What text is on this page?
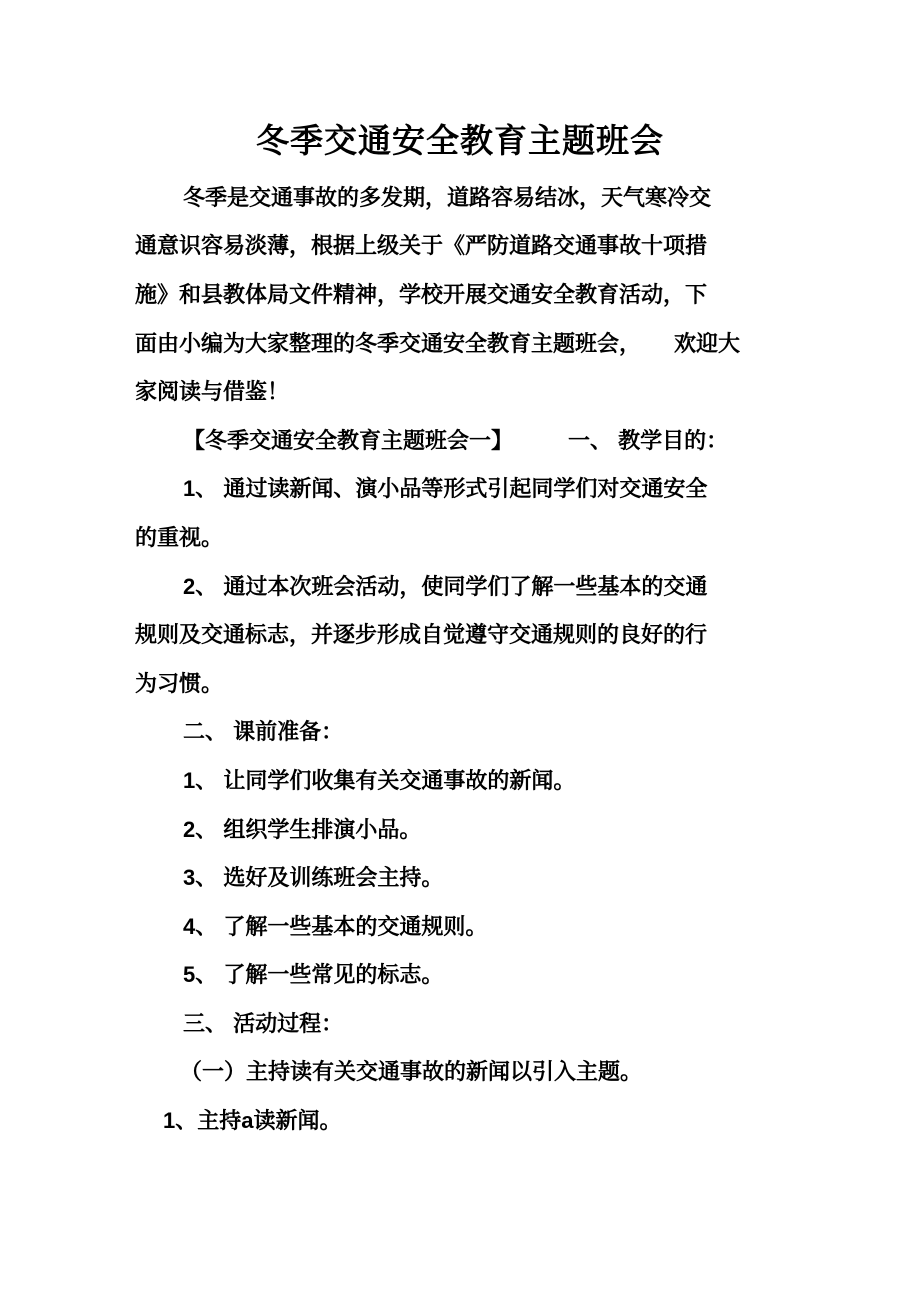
冬季交通安全教育主题班会
冬季是交通事故的多发期，道路容易结冰，天气寒冷交
通意识容易淡薄，根据上级关于《严防道路交通事故十项措
施》和县教体局文件精神，学校开展交通安全教育活动，下
面由小编为大家整理的冬季交通安全教育主题班会，　　欢迎大
家阅读与借鉴！
【冬季交通安全教育主题班会一】　　　一、 教学目的：
1、 通过读新闻、演小品等形式引起同学们对交通安全
的重视。
2、 通过本次班会活动，使同学们了解一些基本的交通
规则及交通标志，并逐步形成自觉遵守交通规则的良好的行
为习惯。
二、 课前准备：
1、 让同学们收集有关交通事故的新闻。
2、 组织学生排演小品。
3、 选好及训练班会主持。
4、 了解一些基本的交通规则。
5、 了解一些常见的标志。
三、 活动过程：
（一）主持读有关交通事故的新闻以引入主题。
1、主持a读新闻。
